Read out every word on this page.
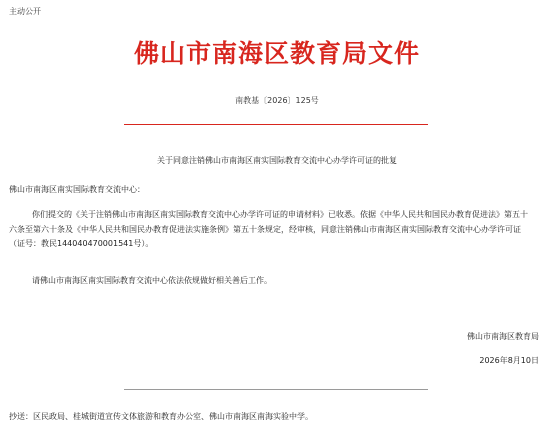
主动公开
佛山市南海区教育局文件
南教基〔2026〕125号
关于同意注销佛山市南海区南实国际教育交流中心办学许可证的批复
佛山市南海区南实国际教育交流中心：
你们提交的《关于注销佛山市南海区南实国际教育交流中心办学许可证的申请材料》已收悉。依据《中华人民共和国民办教育促进法》第五十六条至第六十条及《中华人民共和国民办教育促进法实施条例》第五十条规定，经审核，同意注销佛山市南海区南实国际教育交流中心办学许可证（证号：教民144040470001541号）。
请佛山市南海区南实国际教育交流中心依法依规做好相关善后工作。
佛山市南海区教育局
2026年8月10日
抄送：区民政局、桂城街道宣传文体旅游和教育办公室、佛山市南海区南海实验中学。
